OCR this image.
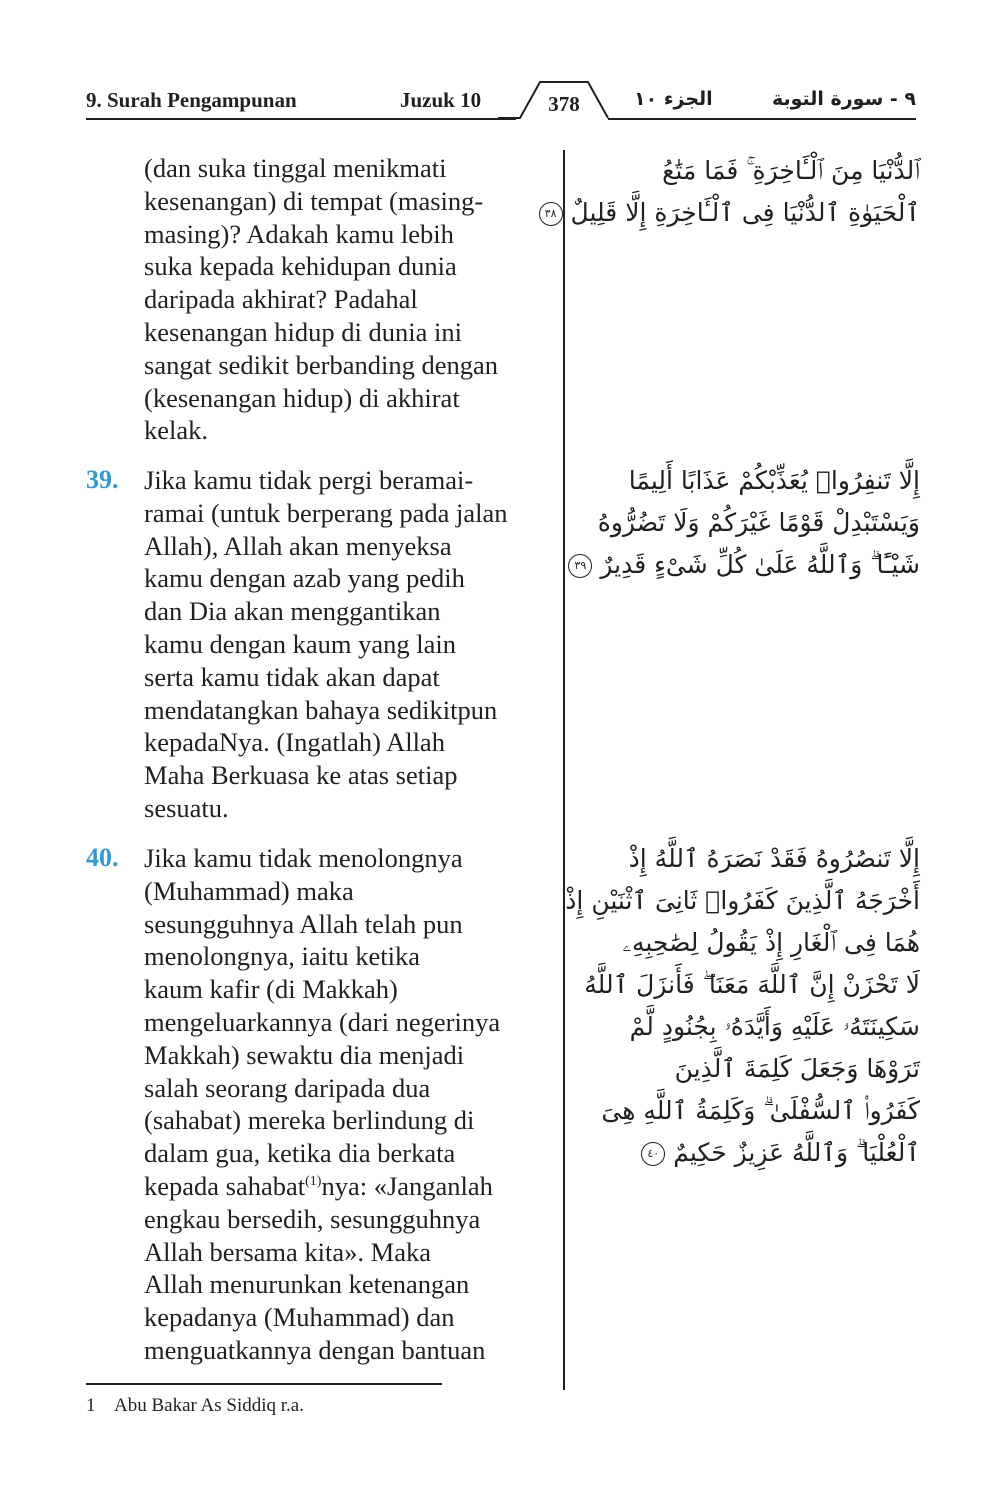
9. Surah Pengampunan	Juzuk 10	378	الجزء ١٠	٩ - سورة التوبة
(dan suka tinggal menikmati
kesenangan) di tempat (masing-
masing)? Adakah kamu lebih
suka kepada kehidupan dunia
daripada akhirat? Padahal
kesenangan hidup di dunia ini
sangat sedikit berbanding dengan
(kesenangan hidup) di akhirat
kelak.
39. Jika kamu tidak pergi beramai-
ramai (untuk berperang pada jalan
Allah), Allah akan menyeksa
kamu dengan azab yang pedih
dan Dia akan menggantikan
kamu dengan kaum yang lain
serta kamu tidak akan dapat
mendatangkan bahaya sedikitpun
kepadaNya. (Ingatlah) Allah
Maha Berkuasa ke atas setiap
sesuatu.
40. Jika kamu tidak menolongnya
(Muhammad) maka
sesungguhnya Allah telah pun
menolongnya, iaitu ketika
kaum kafir (di Makkah)
mengeluarkannya (dari negerinya
Makkah) sewaktu dia menjadi
salah seorang daripada dua
(sahabat) mereka berlindung di
dalam gua, ketika dia berkata
kepada sahabat$^{(1)}$nya: «Janganlah
engkau bersedih, sesungguhnya
Allah bersama kita». Maka
Allah menurunkan ketenangan
kepadanya (Muhammad) dan
menguatkannya dengan bantuan
ٱلدُّنْيَا مِنَ ٱلْـَٔاخِرَةِ ۚ فَمَا مَتَٰعُ
ٱلْحَيَوٰةِ ٱلدُّنْيَا فِى ٱلْـَٔاخِرَةِ إِلَّا قَلِيلٌ ٣٨
إِلَّا تَنفِرُوا۟ يُعَذِّبْكُمْ عَذَابًا أَلِيمًا
وَيَسْتَبْدِلْ قَوْمًا غَيْرَكُمْ وَلَا تَضُرُّوهُ
شَيْـًٔا ۗ وَٱللَّهُ عَلَىٰ كُلِّ شَىْءٍ قَدِيرٌ ٣٩
إِلَّا تَنصُرُوهُ فَقَدْ نَصَرَهُ ٱللَّهُ إِذْ
أَخْرَجَهُ ٱلَّذِينَ كَفَرُوا۟ ثَانِىَ ٱثْنَيْنِ إِذْ
هُمَا فِى ٱلْغَارِ إِذْ يَقُولُ لِصَٰحِبِهِۦ
لَا تَحْزَنْ إِنَّ ٱللَّهَ مَعَنَا ۖ فَأَنزَلَ ٱللَّهُ
سَكِينَتَهُۥ عَلَيْهِ وَأَيَّدَهُۥ بِجُنُودٍ لَّمْ
تَرَوْهَا وَجَعَلَ كَلِمَةَ ٱلَّذِينَ
كَفَرُوا۟ ٱلسُّفْلَىٰ ۗ وَكَلِمَةُ ٱللَّهِ هِىَ
ٱلْعُلْيَا ۗ وَٱللَّهُ عَزِيزٌ حَكِيمٌ ٤٠
1 Abu Bakar As Siddiq r.a.
